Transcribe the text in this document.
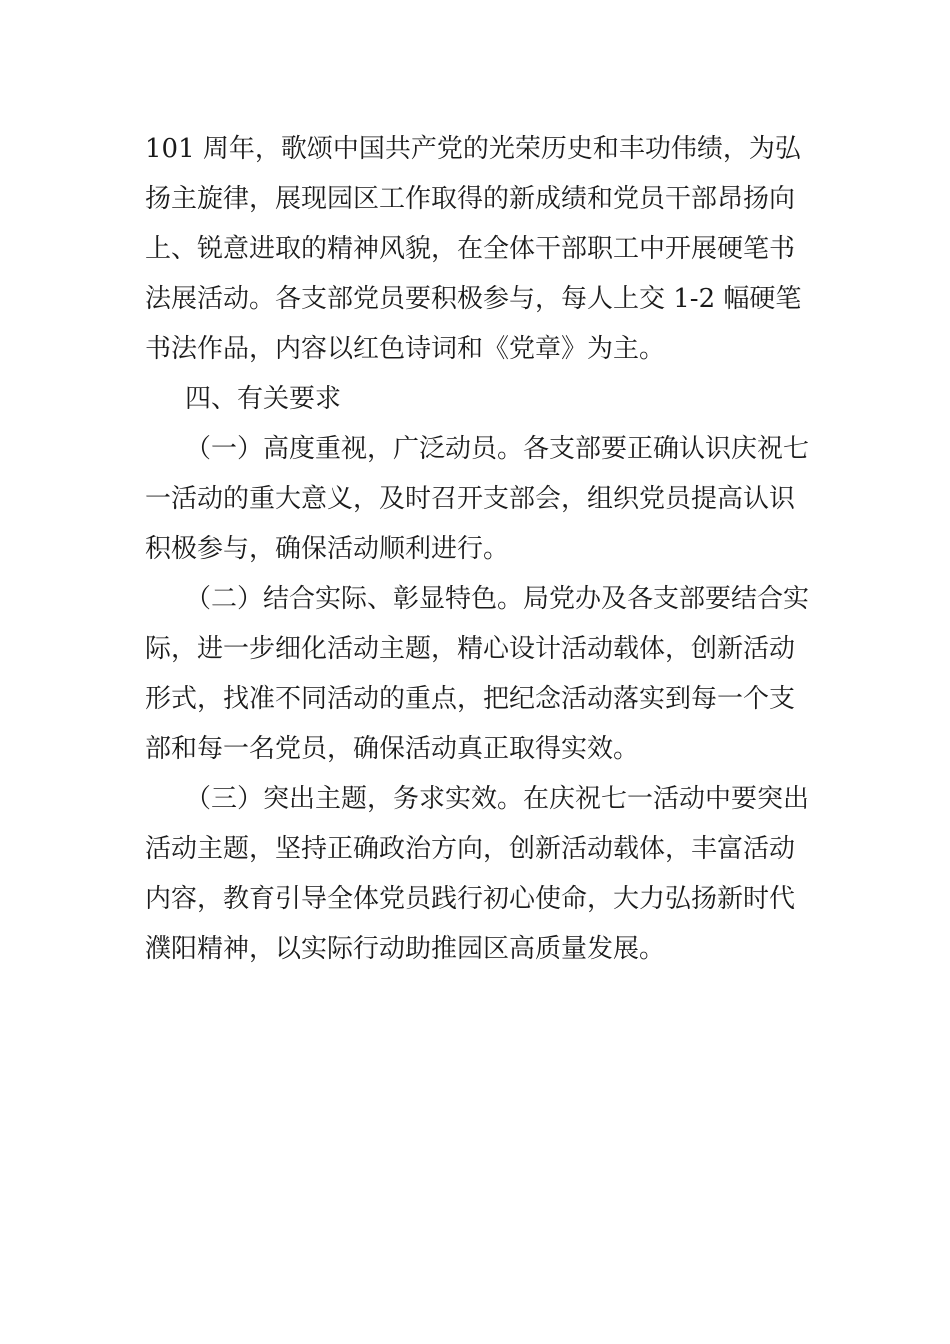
101 周年，歌颂中国共产党的光荣历史和丰功伟绩，为弘
扬主旋律，展现园区工作取得的新成绩和党员干部昂扬向
上、锐意进取的精神风貌，在全体干部职工中开展硬笔书
法展活动。各支部党员要积极参与，每人上交 1-2 幅硬笔
书法作品，内容以红色诗词和《党章》为主。
四、有关要求
（一）高度重视，广泛动员。各支部要正确认识庆祝七
一活动的重大意义，及时召开支部会，组织党员提高认识
积极参与，确保活动顺利进行。
（二）结合实际、彰显特色。局党办及各支部要结合实
际，进一步细化活动主题，精心设计活动载体，创新活动
形式，找准不同活动的重点，把纪念活动落实到每一个支
部和每一名党员，确保活动真正取得实效。
（三）突出主题，务求实效。在庆祝七一活动中要突出
活动主题，坚持正确政治方向，创新活动载体，丰富活动
内容，教育引导全体党员践行初心使命，大力弘扬新时代
濮阳精神，以实际行动助推园区高质量发展。
